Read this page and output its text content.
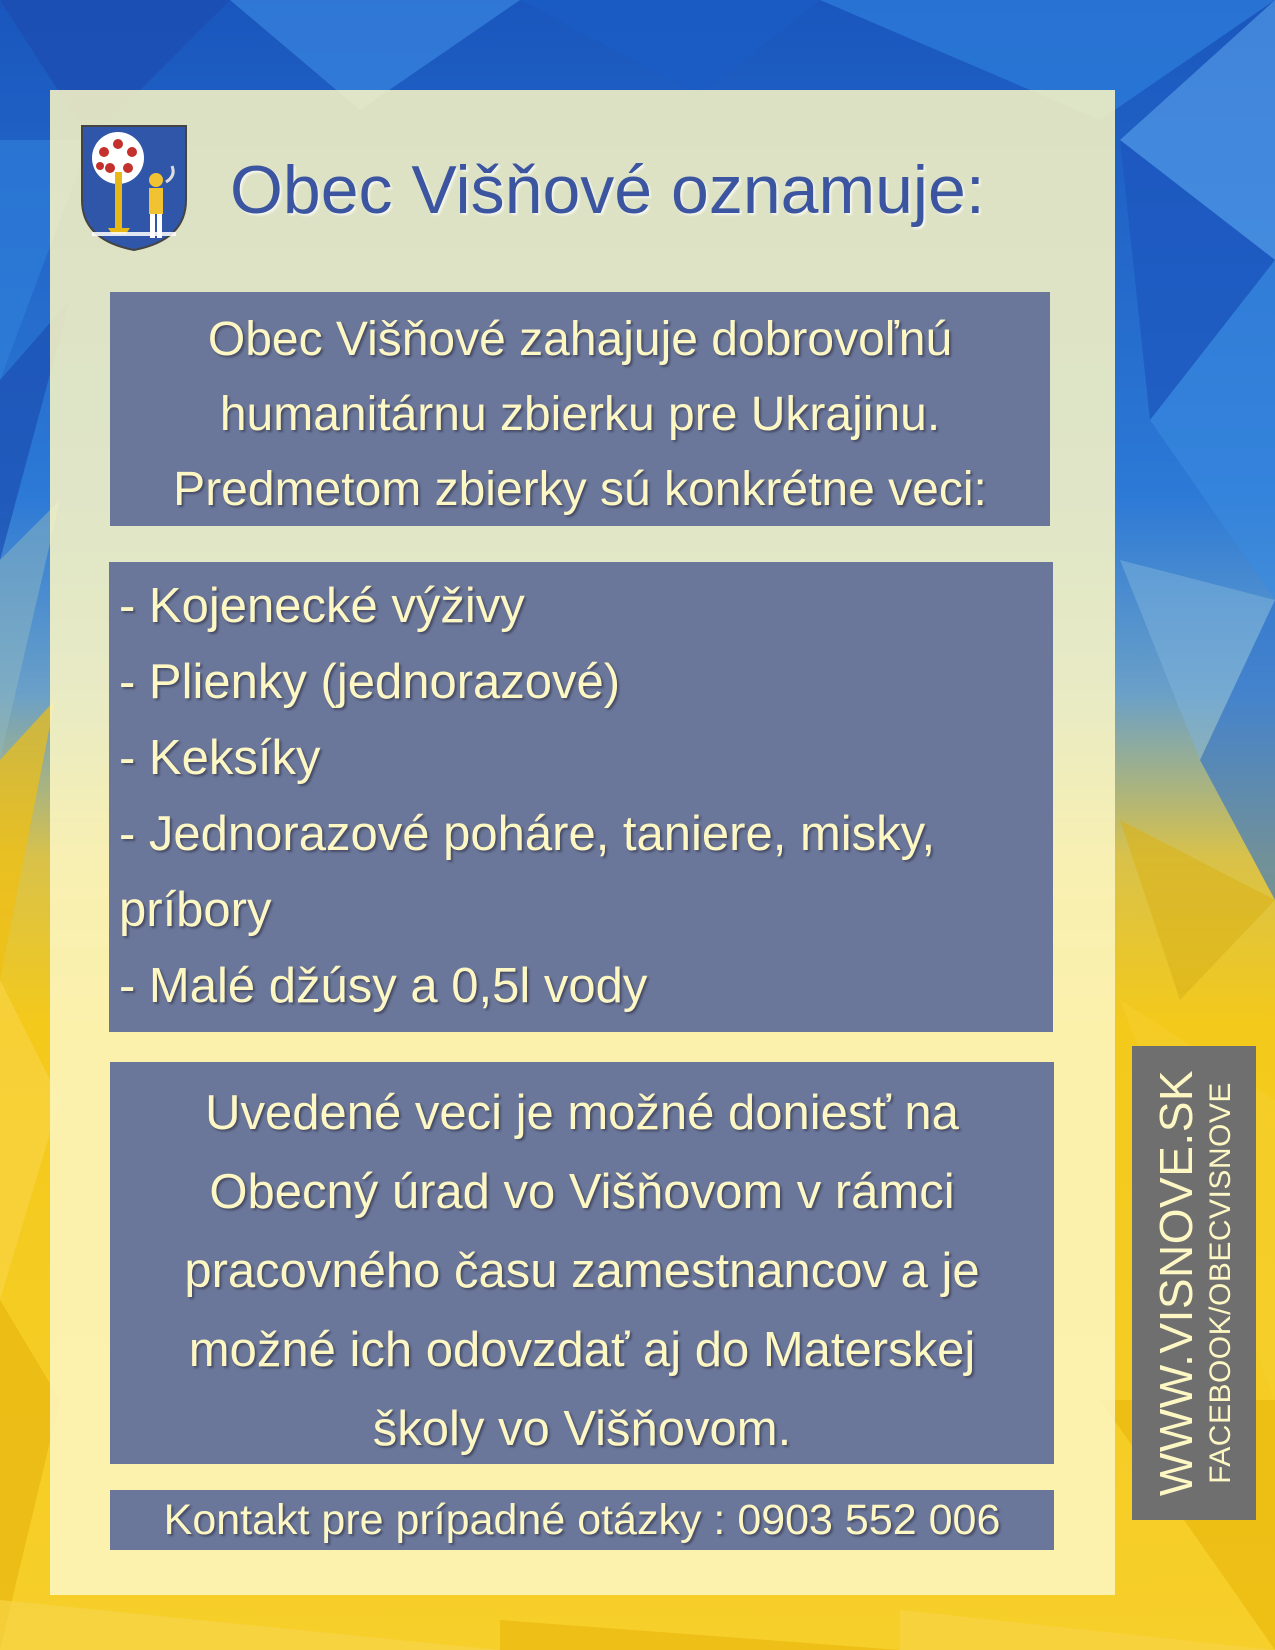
Obec Višňové oznamuje:
Obec Višňové zahajuje dobrovoľnú
humanitárnu zbierku pre Ukrajinu.
Predmetom zbierky sú konkrétne veci:
- Kojenecké výživy
- Plienky (jednorazové)
- Keksíky
- Jednorazové poháre, taniere, misky,
príbory
- Malé džúsy a 0,5l vody
Uvedené veci je možné doniesť na
Obecný úrad vo Višňovom v rámci
pracovného času zamestnancov a je
možné ich odovzdať aj do Materskej
školy vo Višňovom.
Kontakt pre prípadné otázky : 0903 552 006
WWW.VISNOVE.SK FACEBOOK/OBECVISNOVE
